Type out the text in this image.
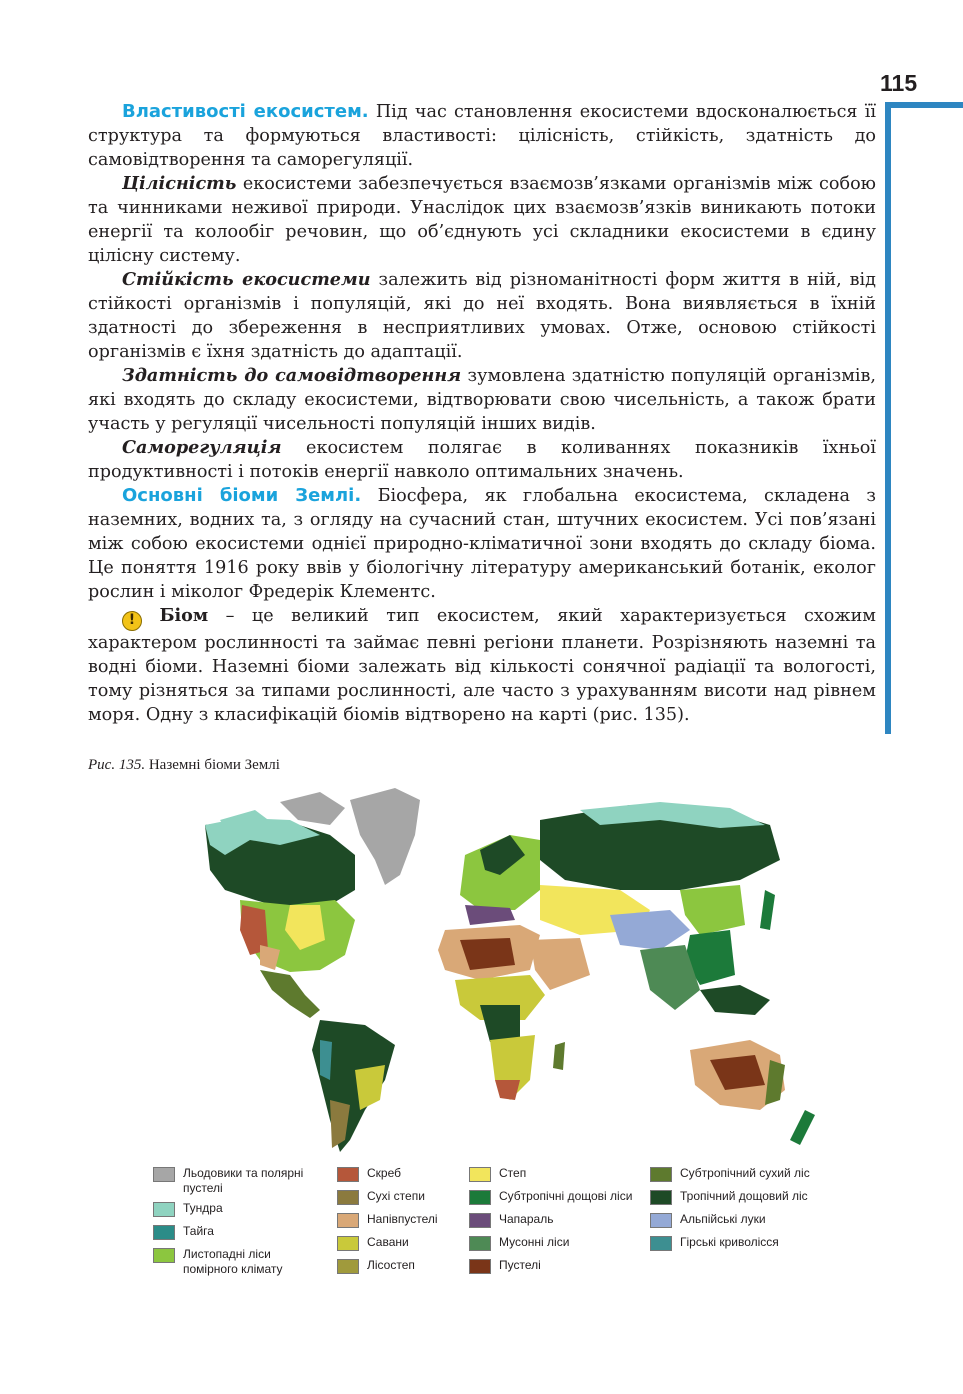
115

Властивості екосистем. Під час становлення екосистеми вдосконалюється її структура та формуються властивості: цілісність, стійкість, здатність до самовідтворення та саморегуляції.

Цілісність екосистеми забезпечується взаємозв’язками організмів між собою та чинниками неживої природи. Унаслідок цих взаємозв’язків виникають потоки енергії та колообіг речовин, що об’єднують усі складники екосистеми в єдину цілісну систему.

Стійкість екосистеми залежить від різноманітності форм життя в ній, від стійкості організмів і популяцій, які до неї входять. Вона виявляється в їхній здатності до збереження в несприятливих умовах. Отже, основою стійкості організмів є їхня здатність до адаптації.

Здатність до самовідтворення зумовлена здатністю популяцій організмів, які входять до складу екосистеми, відтворювати свою чисельність, а також брати участь у регуляції чисельності популяцій інших видів.

Саморегуляція екосистем полягає в коливаннях показників їхньої продуктивності і потоків енергії навколо оптимальних значень.

Основні біоми Землі. Біосфера, як глобальна екосистема, складена з наземних, водних та, з огляду на сучасний стан, штучних екосистем. Усі пов’язані між собою екосистеми однієї природно-кліматичної зони входять до складу біома. Це поняття 1916 року ввів у біологічну літературу американський ботанік, еколог рослин і міколог Фредерік Клементс.

! Біом – це великий тип екосистем, який характеризується схожим характером рослинності та займає певні регіони планети. Розрізняють наземні та водні біоми. Наземні біоми залежать від кількості сонячної радіації та вологості, тому різняться за типами рослинності, але часто з урахуванням висоти над рівнем моря. Одну з класифікацій біомів відтворено на карті (рис. 135).

Рис. 135. Наземні біоми Землі
Льодовики та полярні пустелі
Тундра
Тайга
Листопадні ліси помірного клімату
Скреб
Сухі степи
Напівпустелі
Савани
Лісостеп
Степ
Субтропічні дощові ліси
Чапараль
Мусонні ліси
Пустелі
Субтропічний сухий ліс
Тропічний дощовий ліс
Альпійські луки
Гірські криволісся
